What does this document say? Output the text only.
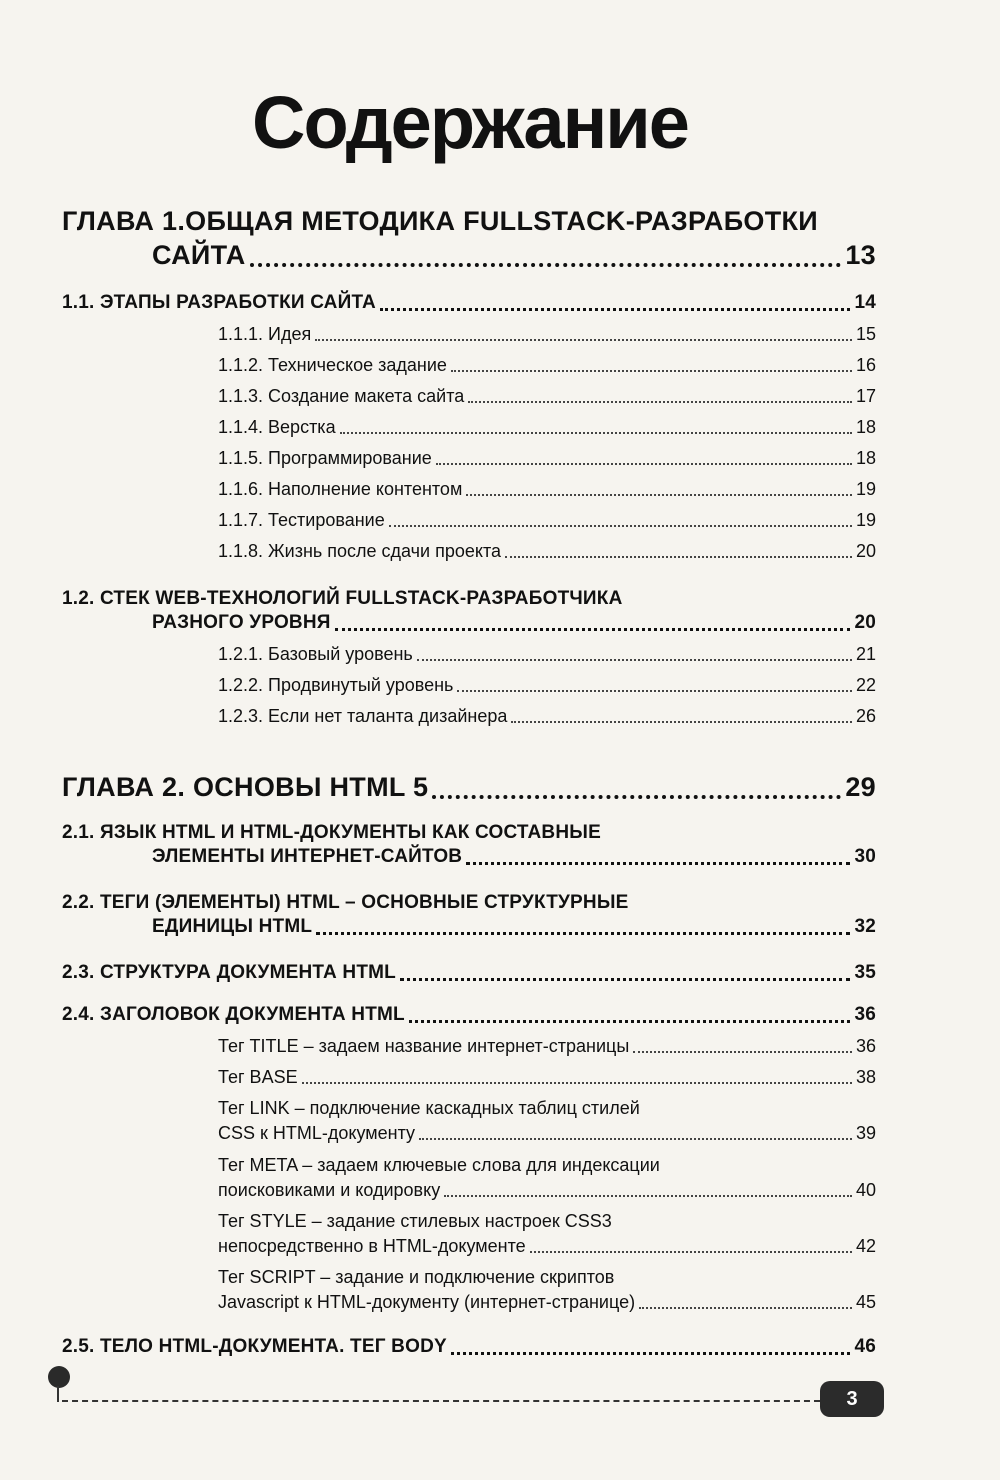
Содержание
ГЛАВА 1.ОБЩАЯ МЕТОДИКА FULLSTACK-РАЗРАБОТКИ
САЙТА	13
1.1. ЭТАПЫ РАЗРАБОТКИ САЙТА	14
1.1.1. Идея	15
1.1.2. Техническое задание	16
1.1.3. Создание макета сайта	17
1.1.4. Верстка	18
1.1.5. Программирование	18
1.1.6. Наполнение контентом	19
1.1.7. Тестирование	19
1.1.8. Жизнь после сдачи проекта	20
1.2. СТЕК WEB-ТЕХНОЛОГИЙ FULLSTACK-РАЗРАБОТЧИКА
РАЗНОГО УРОВНЯ	20
1.2.1. Базовый уровень	21
1.2.2. Продвинутый уровень	22
1.2.3. Если нет таланта дизайнера	26
ГЛАВА 2. ОСНОВЫ HTML 5	29
2.1. ЯЗЫК HTML И HTML-ДОКУМЕНТЫ КАК СОСТАВНЫЕ
ЭЛЕМЕНТЫ ИНТЕРНЕТ-САЙТОВ	30
2.2. ТЕГИ (ЭЛЕМЕНТЫ) HTML – ОСНОВНЫЕ СТРУКТУРНЫЕ
ЕДИНИЦЫ HTML	32
2.3. СТРУКТУРА ДОКУМЕНТА HTML	35
2.4. ЗАГОЛОВОК ДОКУМЕНТА HTML	36
Тег TITLE – задаем название интернет-страницы	36
Тег BASE	38
Тег LINK – подключение каскадных таблиц стилей
CSS к HTML-документу	39
Тег META – задаем ключевые слова для индексации
поисковиками и кодировку	40
Тег STYLE – задание стилевых настроек CSS3
непосредственно в HTML-документе	42
Тег SCRIPT – задание и подключение скриптов
Javascript к HTML-документу (интернет-странице)	45
2.5. ТЕЛО HTML-ДОКУМЕНТА. ТЕГ BODY	46
3
